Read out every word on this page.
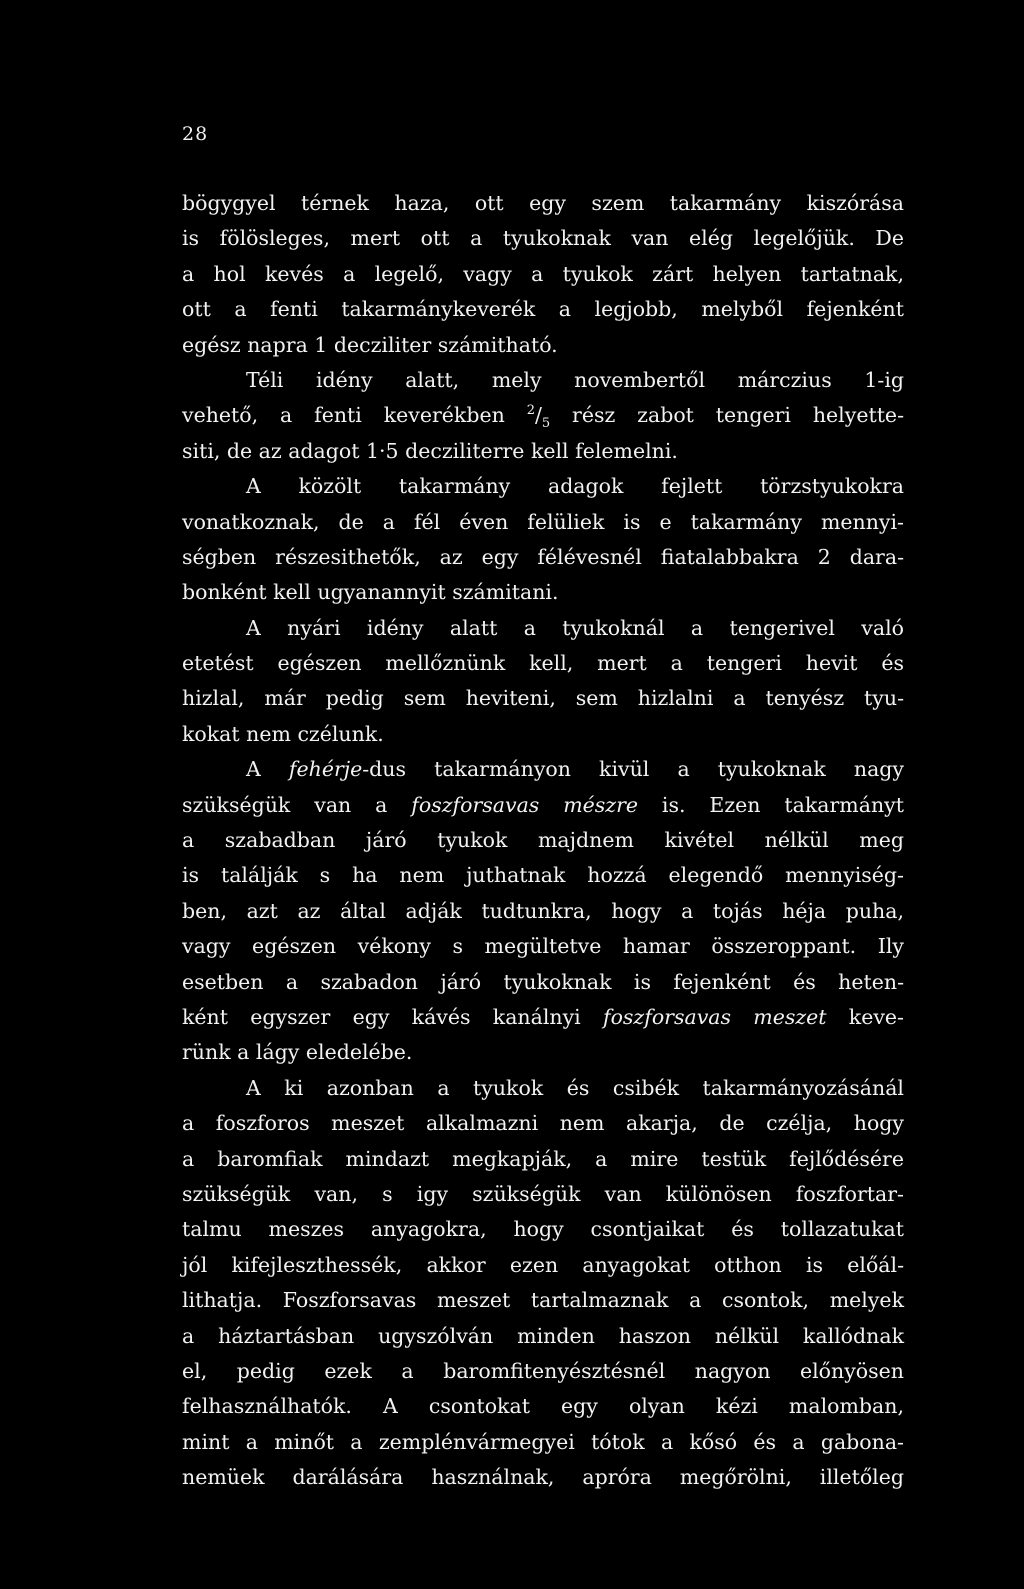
28
bögygyel térnek haza, ott egy szem takarmány kiszórása
is fölösleges, mert ott a tyukoknak van elég legelőjük. De
a hol kevés a legelő, vagy a tyukok zárt helyen tartatnak,
ott a fenti takarmánykeverék a legjobb, melyből fejenként
egész napra 1 decziliter számitható.
Téli idény alatt, mely novembertől márczius 1-ig
vehető, a fenti keverékben $^2/_5$ rész zabot tengeri helyette-
siti, de az adagot 1·5 decziliterre kell felemelni.
A közölt takarmány adagok fejlett törzstyukokra
vonatkoznak, de a fél éven felüliek is e takarmány mennyi-
ségben részesithetők, az egy félévesnél fiatalabbakra 2 dara-
bonként kell ugyanannyit számitani.
A nyári idény alatt a tyukoknál a tengerivel való
etetést egészen mellőznünk kell, mert a tengeri hevit és
hizlal, már pedig sem heviteni, sem hizlalni a tenyész tyu-
kokat nem czélunk.
A fehérje-dus takarmányon kivül a tyukoknak nagy
szükségük van a foszforsavas mészre is. Ezen takarmányt
a szabadban járó tyukok majdnem kivétel nélkül meg
is találják s ha nem juthatnak hozzá elegendő mennyiség-
ben, azt az által adják tudtunkra, hogy a tojás héja puha,
vagy egészen vékony s megültetve hamar összeroppant. Ily
esetben a szabadon járó tyukoknak is fejenként és heten-
ként egyszer egy kávés kanálnyi foszforsavas meszet keve-
rünk a lágy eledelébe.
A ki azonban a tyukok és csibék takarmányozásánál
a foszforos meszet alkalmazni nem akarja, de czélja, hogy
a baromfiak mindazt megkapják, a mire testük fejlődésére
szükségük van, s igy szükségük van különösen foszfortar-
talmu meszes anyagokra, hogy csontjaikat és tollazatukat
jól kifejleszthessék, akkor ezen anyagokat otthon is előál-
lithatja. Foszforsavas meszet tartalmaznak a csontok, melyek
a háztartásban ugyszólván minden haszon nélkül kallódnak
el, pedig ezek a baromfitenyésztésnél nagyon előnyösen
felhasználhatók. A csontokat egy olyan kézi malomban,
mint a minőt a zemplénvármegyei tótok a kősó és a gabona-
nemüek darálására használnak, apróra megőrölni, illetőleg
